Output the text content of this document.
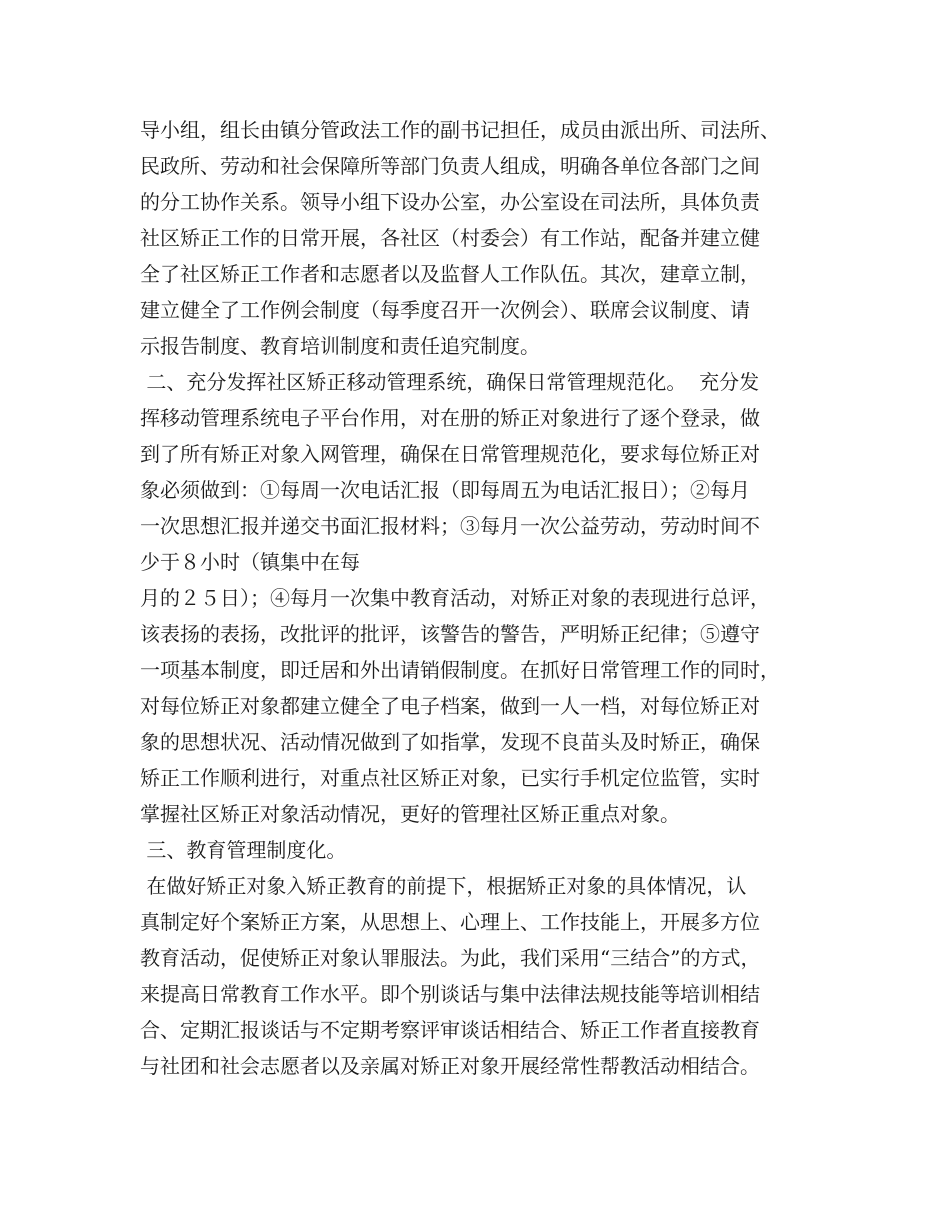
导小组，组长由镇分管政法工作的副书记担任，成员由派出所、司法所、
民政所、劳动和社会保障所等部门负责人组成，明确各单位各部门之间
的分工协作关系。领导小组下设办公室，办公室设在司法所，具体负责
社区矫正工作的日常开展，各社区（村委会）有工作站，配备并建立健
全了社区矫正工作者和志愿者以及监督人工作队伍。其次，建章立制，
建立健全了工作例会制度（每季度召开一次例会）、联席会议制度、请
示报告制度、教育培训制度和责任追究制度。
二、充分发挥社区矫正移动管理系统，确保日常管理规范化。  充分发
挥移动管理系统电子平台作用，对在册的矫正对象进行了逐个登录，做
到了所有矫正对象入网管理，确保在日常管理规范化，要求每位矫正对
象必须做到：①每周一次电话汇报（即每周五为电话汇报日）；②每月
一次思想汇报并递交书面汇报材料；③每月一次公益劳动，劳动时间不
少于８小时（镇集中在每
月的２５日）；④每月一次集中教育活动，对矫正对象的表现进行总评，
该表扬的表扬，改批评的批评，该警告的警告，严明矫正纪律；⑤遵守
一项基本制度，即迁居和外出请销假制度。在抓好日常管理工作的同时，
对每位矫正对象都建立健全了电子档案，做到一人一档，对每位矫正对
象的思想状况、活动情况做到了如指掌，发现不良苗头及时矫正，确保
矫正工作顺利进行，对重点社区矫正对象，已实行手机定位监管，实时
掌握社区矫正对象活动情况，更好的管理社区矫正重点对象。
三、教育管理制度化。
在做好矫正对象入矫正教育的前提下，根据矫正对象的具体情况，认
真制定好个案矫正方案，从思想上、心理上、工作技能上，开展多方位
教育活动，促使矫正对象认罪服法。为此，我们采用“三结合”的方式，
来提高日常教育工作水平。即个别谈话与集中法律法规技能等培训相结
合、定期汇报谈话与不定期考察评审谈话相结合、矫正工作者直接教育
与社团和社会志愿者以及亲属对矫正对象开展经常性帮教活动相结合。
